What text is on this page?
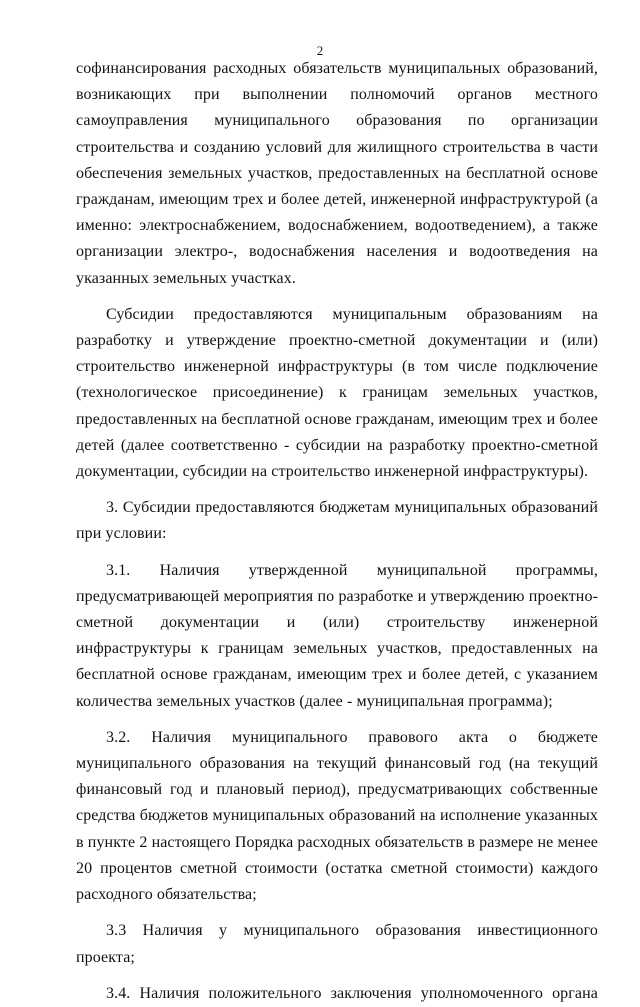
2

софинансирования расходных обязательств муниципальных образований, возникающих при выполнении полномочий органов местного самоуправления муниципального образования по организации строительства и созданию условий для жилищного строительства в части обеспечения земельных участков, предоставленных на бесплатной основе гражданам, имеющим трех и более детей, инженерной инфраструктурой (а именно: электроснабжением, водоснабжением, водоотведением), а также организации электро-, водоснабжения населения и водоотведения на указанных земельных участках.

Субсидии предоставляются муниципальным образованиям на разработку и утверждение проектно-сметной документации и (или) строительство инженерной инфраструктуры (в том числе подключение (технологическое присоединение) к границам земельных участков, предоставленных на бесплатной основе гражданам, имеющим трех и более детей (далее соответственно - субсидии на разработку проектно-сметной документации, субсидии на строительство инженерной инфраструктуры).

3. Субсидии предоставляются бюджетам муниципальных образований при условии:

3.1. Наличия утвержденной муниципальной программы,

предусматривающей мероприятия по разработке и утверждению проектно-сметной документации и (или) строительству инженерной инфраструктуры к границам земельных участков, предоставленных на бесплатной основе гражданам, имеющим трех и более детей, с указанием количества земельных участков (далее - муниципальная программа);

3.2. Наличия муниципального правового акта о бюджете муниципального образования на текущий финансовый год (на текущий финансовый год и плановый период), предусматривающих собственные средства бюджетов муниципальных образований на исполнение указанных в пункте 2 настоящего Порядка расходных обязательств в размере не менее 20 процентов сметной стоимости (остатка сметной стоимости) каждого расходного обязательства;

3.3 Наличия у муниципального образования инвестиционного проекта;

3.4. Наличия положительного заключения уполномоченного органа
